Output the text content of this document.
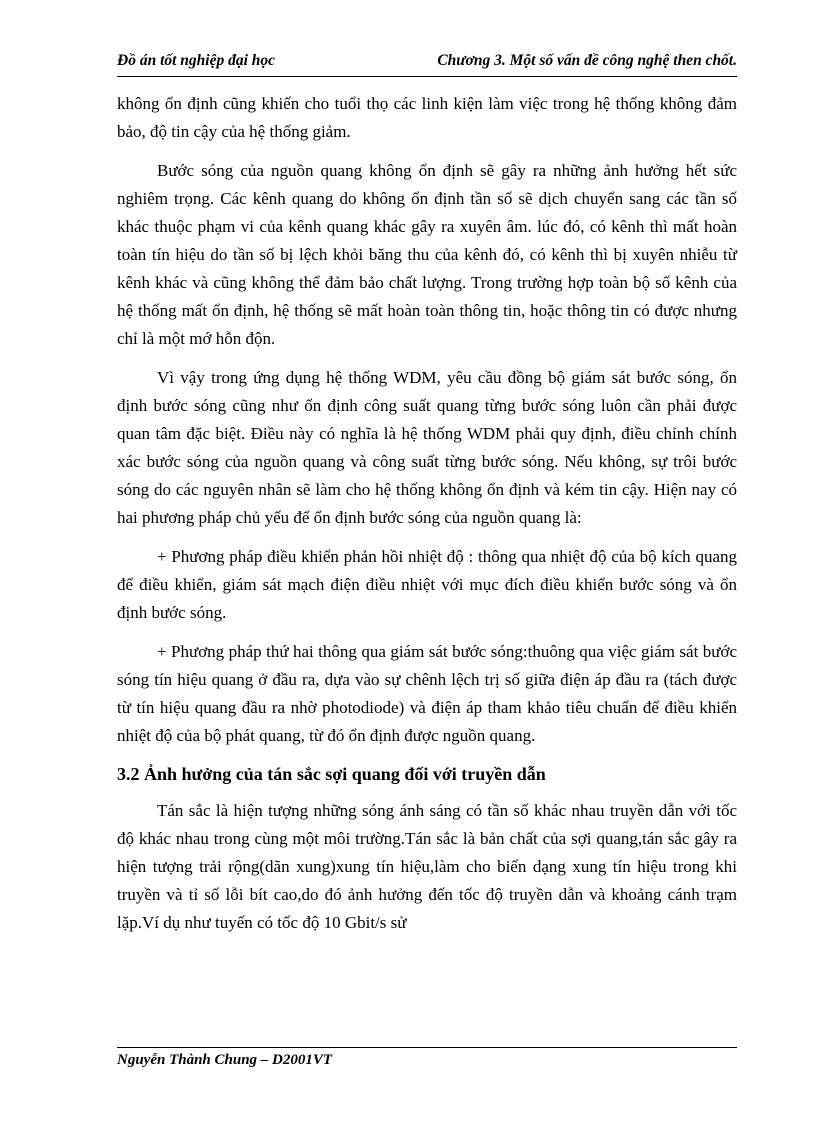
Đồ án tốt nghiệp đại học	Chương 3. Một số vấn đề công nghệ then chốt.

không ổn định cũng khiến cho tuổi thọ các linh kiện làm việc trong hệ thống không đảm bảo, độ tin cậy của hệ thống giảm.

Bước sóng của nguồn quang không ổn định sẽ gây ra những ảnh hưởng hết sức nghiêm trọng. Các kênh quang do không ổn định tần số sẽ dịch chuyển sang các tần số khác thuộc phạm vi của kênh quang khác gây ra xuyên âm. lúc đó, có kênh thì mất hoàn toàn tín hiệu do tần số bị lệch khỏi băng thu của kênh đó, có kênh thì bị xuyên nhiễu từ kênh khác và cũng không thể đảm bảo chất lượng. Trong trường hợp toàn bộ số kênh của hệ thống mất ổn định, hệ thống sẽ mất hoàn toàn thông tin, hoặc thông tin có được nhưng chỉ là một mớ hỗn độn.

Vì vậy trong ứng dụng hệ thống WDM, yêu cầu đồng bộ giám sát bước sóng, ổn định bước sóng cũng như ổn định công suất quang từng bước sóng luôn cần phải được quan tâm đặc biệt. Điều này có nghĩa là hệ thống WDM phải quy định, điều chỉnh chính xác bước sóng của nguồn quang và công suất từng bước sóng. Nếu không, sự trôi bước sóng do các nguyên nhân sẽ làm cho hệ thống không ổn định và kém tin cậy. Hiện nay có hai phương pháp chủ yếu để ổn định bước sóng của nguồn quang là:

+ Phương pháp điều khiển phản hồi nhiệt độ : thông qua nhiệt độ của bộ kích quang để điều khiển, giám sát mạch điện điều nhiệt với mục đích điều khiển bước sóng và ổn định bước sóng.

+ Phương pháp thứ hai thông qua giám sát bước sóng:thuông qua việc giám sát bước sóng tín hiệu quang ở đầu ra, dựa vào sự chênh lệch trị số giữa điện áp đầu ra (tách được từ tín hiệu quang đầu ra nhờ photodiode) và điện áp tham khảo tiêu chuẩn để điều khiển nhiệt độ của bộ phát quang, từ đó ổn định được nguồn quang.

3.2 Ảnh hưởng của tán sắc sợi quang đối với truyền dẫn

Tán sắc là hiện tượng những sóng ánh sáng có tần số khác nhau truyền dẫn với tốc độ khác nhau trong cùng một môi trường.Tán sắc là bản chất của sợi quang,tán sắc gây ra hiện tượng trải rộng(dãn xung)xung tín hiệu,làm cho biến dạng xung tín hiệu trong khi truyền và tỉ số lỗi bít cao,do đó ảnh hưởng đến tốc độ truyền dẫn và khoảng cánh trạm lặp.Ví dụ như tuyến có tốc độ 10 Gbit/s sử

Nguyễn Thành Chung – D2001VT
